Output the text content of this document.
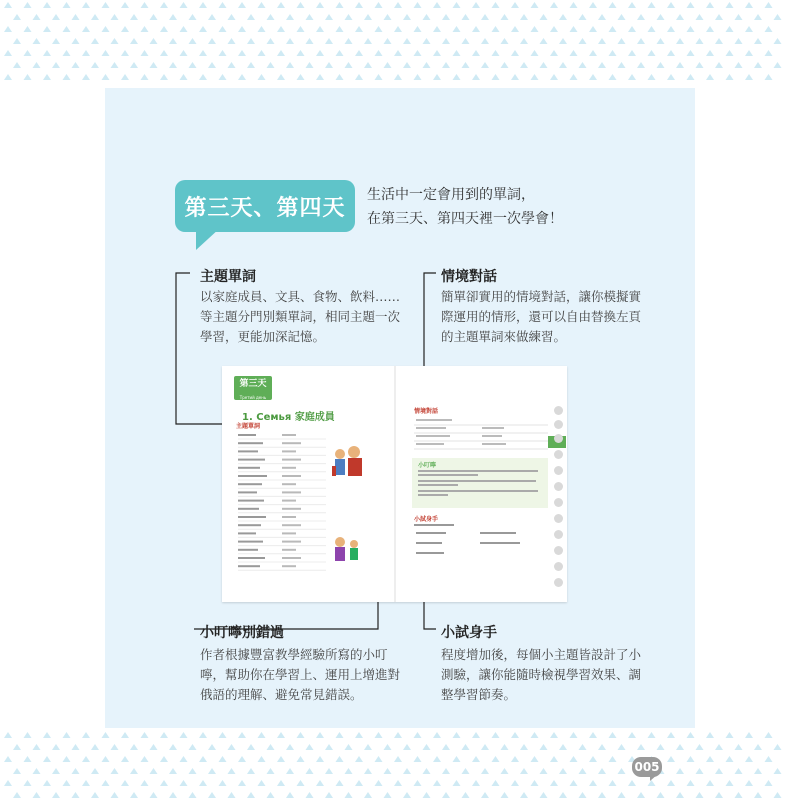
第三天、第四天
生活中一定會用到的單詞，
在第三天、第四天裡一次學會！
主題單詞
以家庭成員、文具、食物、飲料……
等主題分門別類單詞，相同主題一次
學習，更能加深記憶。
情境對話
簡單卻實用的情境對話，讓你模擬實
際運用的情形，還可以自由替換左頁
的主題單詞來做練習。
小叮嚀別錯過
作者根據豐富教學經驗所寫的小叮
嚀，幫助你在學習上、運用上增進對
俄語的理解、避免常見錯誤。
小試身手
程度增加後，每個小主題皆設計了小
測驗，讓你能隨時檢視學習效果、調
整學習節奏。
第三天
Третий день
1. Семья 家庭成員
主題單詞
情境對話
小叮嚀
小試身手
005
